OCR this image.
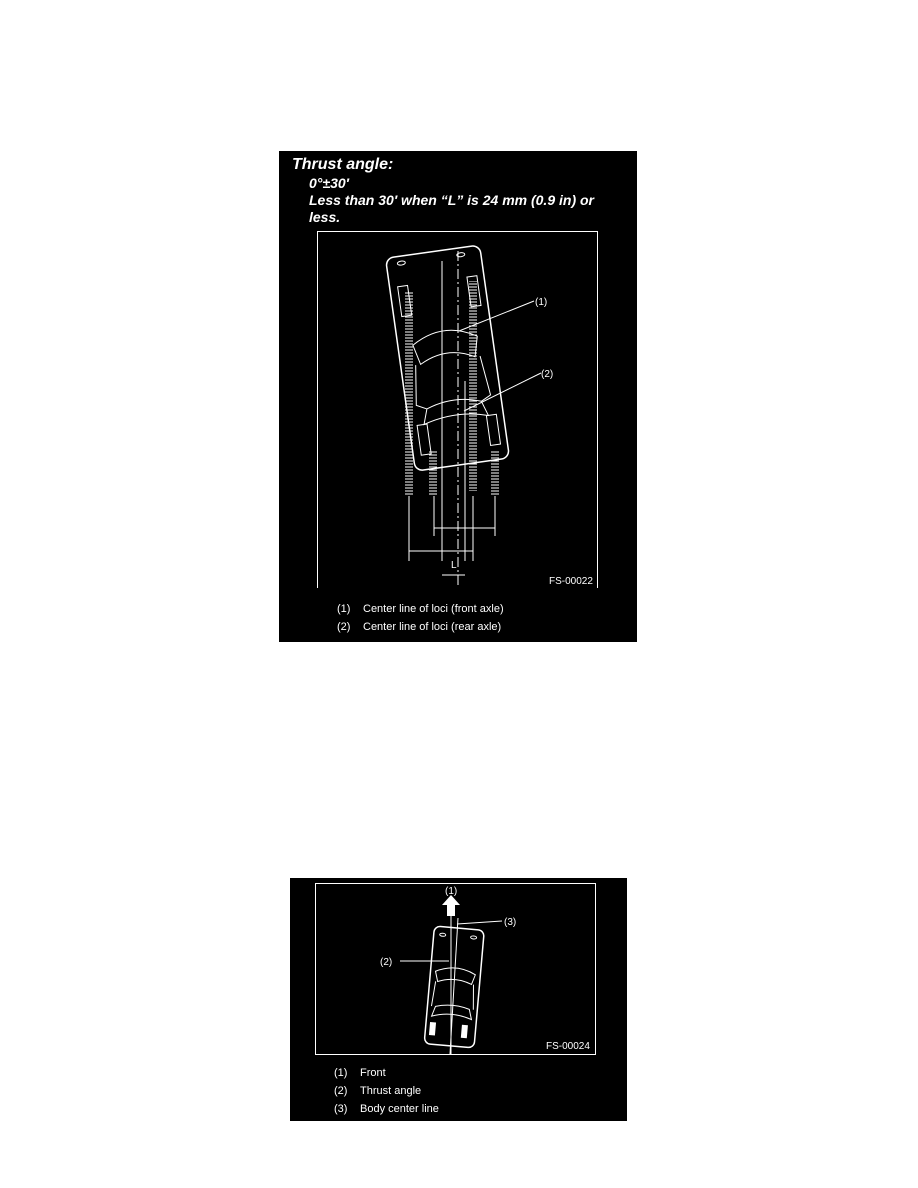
Thrust angle:
0°±30′
Less than 30′ when “L” is 24 mm (0.9 in) or
less.
(1)
(2)
L
FS-00022
(1) Center line of loci (front axle)
(2) Center line of loci (rear axle)
(1)
(2)
(3)
FS-00024
(1) Front
(2) Thrust angle
(3) Body center line
